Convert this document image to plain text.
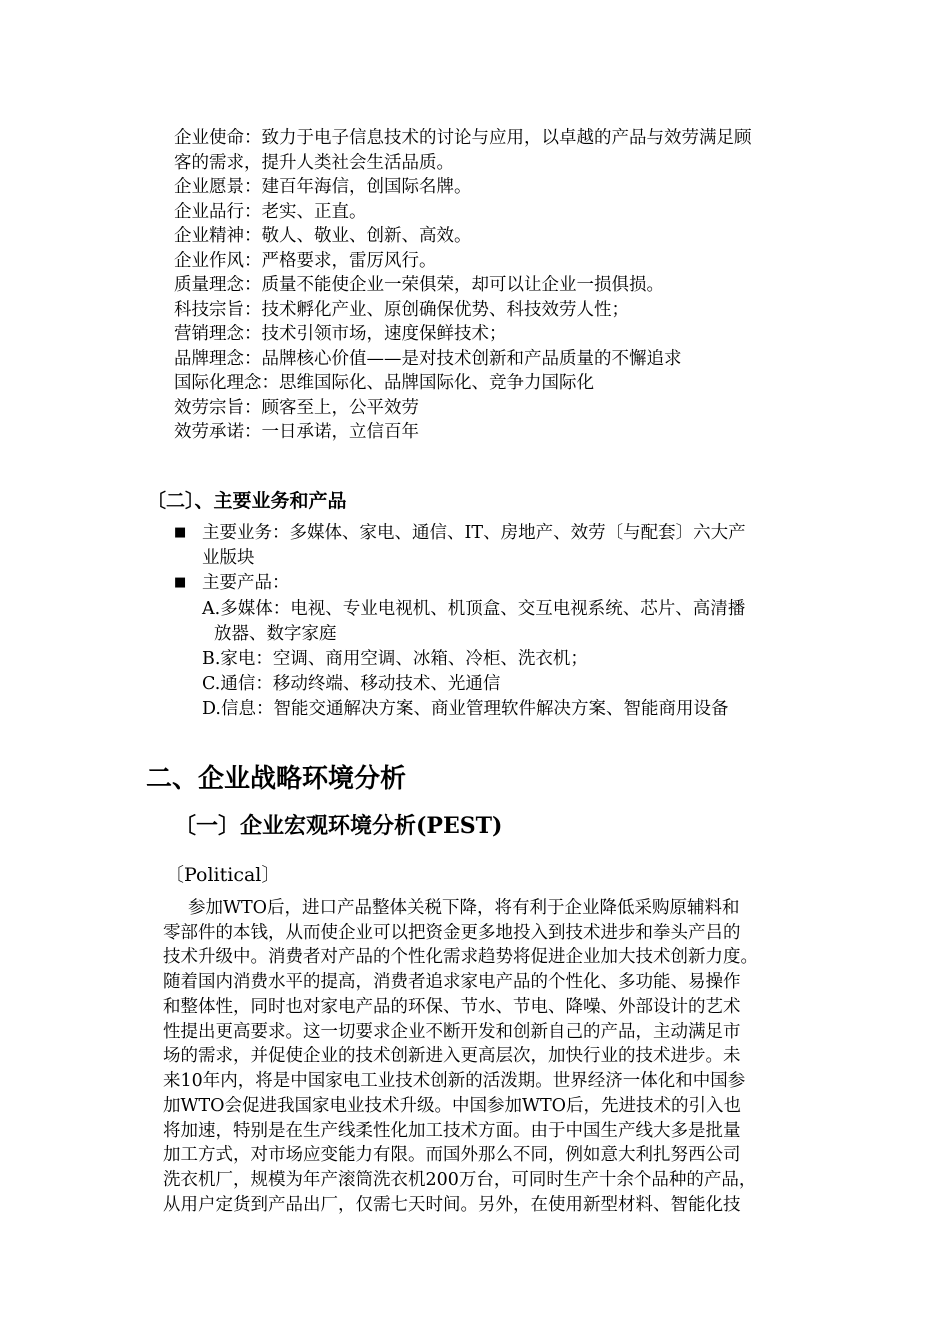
企业使命：致力于电子信息技术的讨论与应用，以卓越的产品与效劳满足顾
客的需求，提升人类社会生活品质。
企业愿景：建百年海信，创国际名牌。
企业品行：老实、正直。
企业精神：敬人、敬业、创新、高效。
企业作风：严格要求，雷厉风行。
质量理念：质量不能使企业一荣俱荣，却可以让企业一损俱损。
科技宗旨：技术孵化产业、原创确保优势、科技效劳人性；
营销理念：技术引领市场，速度保鲜技术；
品牌理念：品牌核心价值——是对技术创新和产品质量的不懈追求
国际化理念：思维国际化、品牌国际化、竞争力国际化
效劳宗旨：顾客至上，公平效劳
效劳承诺：一日承诺，立信百年
〔二〕、主要业务和产品
■ 主要业务：多媒体、家电、通信、IT、房地产、效劳〔与配套〕六大产
业版块
■ 主要产品：
A.多媒体：电视、专业电视机、机顶盒、交互电视系统、芯片、高清播
放器、数字家庭
B.家电：空调、商用空调、冰箱、冷柜、洗衣机；
C.通信：移动终端、移动技术、光通信
D.信息：智能交通解决方案、商业管理软件解决方案、智能商用设备
二、企业战略环境分析
〔一〕企业宏观环境分析(PEST)
〔Political〕
参加WTO后，进口产品整体关税下降，将有利于企业降低采购原辅料和
零部件的本钱，从而使企业可以把资金更多地投入到技术进步和拳头产吕的
技术升级中。消费者对产品的个性化需求趋势将促进企业加大技术创新力度。
随着国内消费水平的提高，消费者追求家电产品的个性化、多功能、易操作
和整体性，同时也对家电产品的环保、节水、节电、降噪、外部设计的艺术
性提出更高要求。这一切要求企业不断开发和创新自己的产品，主动满足市
场的需求，并促使企业的技术创新进入更高层次，加快行业的技术进步。未
来10年内，将是中国家电工业技术创新的活泼期。世界经济一体化和中国参
加WTO会促进我国家电业技术升级。中国参加WTO后，先进技术的引入也
将加速，特别是在生产线柔性化加工技术方面。由于中国生产线大多是批量
加工方式，对市场应变能力有限。而国外那么不同，例如意大利扎努西公司
洗衣机厂，规模为年产滚筒洗衣机200万台，可同时生产十余个品种的产品，
从用户定货到产品出厂，仅需七天时间。另外，在使用新型材料、智能化技
